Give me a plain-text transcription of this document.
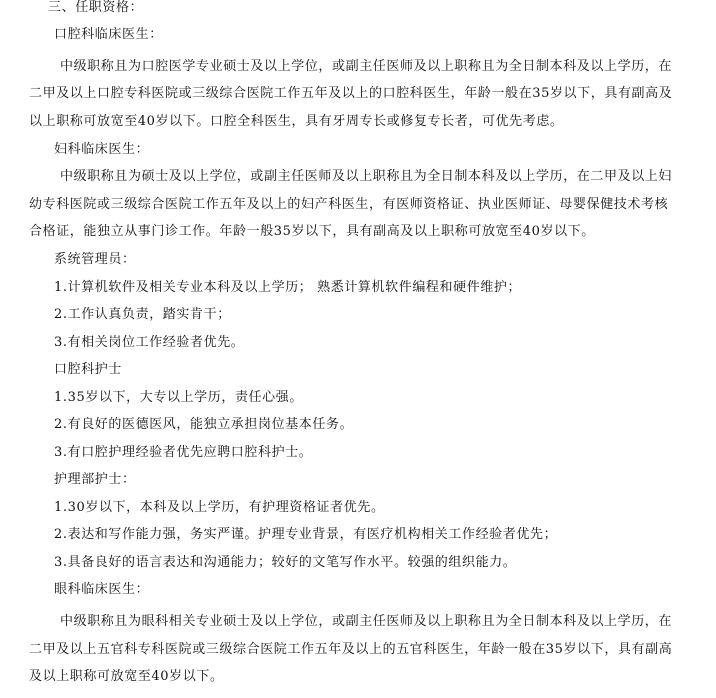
三、任职资格：
口腔科临床医生：
中级职称且为口腔医学专业硕士及以上学位，或副主任医师及以上职称且为全日制本科及以上学历，在
二甲及以上口腔专科医院或三级综合医院工作五年及以上的口腔科医生，年龄一般在35岁以下，具有副高及
以上职称可放宽至40岁以下。口腔全科医生，具有牙周专长或修复专长者，可优先考虑。
妇科临床医生：
中级职称且为硕士及以上学位，或副主任医师及以上职称且为全日制本科及以上学历，在二甲及以上妇
幼专科医院或三级综合医院工作五年及以上的妇产科医生，有医师资格证、执业医师证、母婴保健技术考核
合格证，能独立从事门诊工作。年龄一般35岁以下，具有副高及以上职称可放宽至40岁以下。
系统管理员：
1.计算机软件及相关专业本科及以上学历； 熟悉计算机软件编程和硬件维护；
2.工作认真负责，踏实肯干；
3.有相关岗位工作经验者优先。
口腔科护士
1.35岁以下，大专以上学历，责任心强。
2.有良好的医德医风，能独立承担岗位基本任务。
3.有口腔护理经验者优先应聘口腔科护士。
护理部护士：
1.30岁以下，本科及以上学历，有护理资格证者优先。
2.表达和写作能力强，务实严谨。护理专业背景，有医疗机构相关工作经验者优先；
3.具备良好的语言表达和沟通能力；较好的文笔写作水平。较强的组织能力。
眼科临床医生：
中级职称且为眼科相关专业硕士及以上学位，或副主任医师及以上职称且为全日制本科及以上学历，在
二甲及以上五官科专科医院或三级综合医院工作五年及以上的五官科医生，年龄一般在35岁以下，具有副高
及以上职称可放宽至40岁以下。
